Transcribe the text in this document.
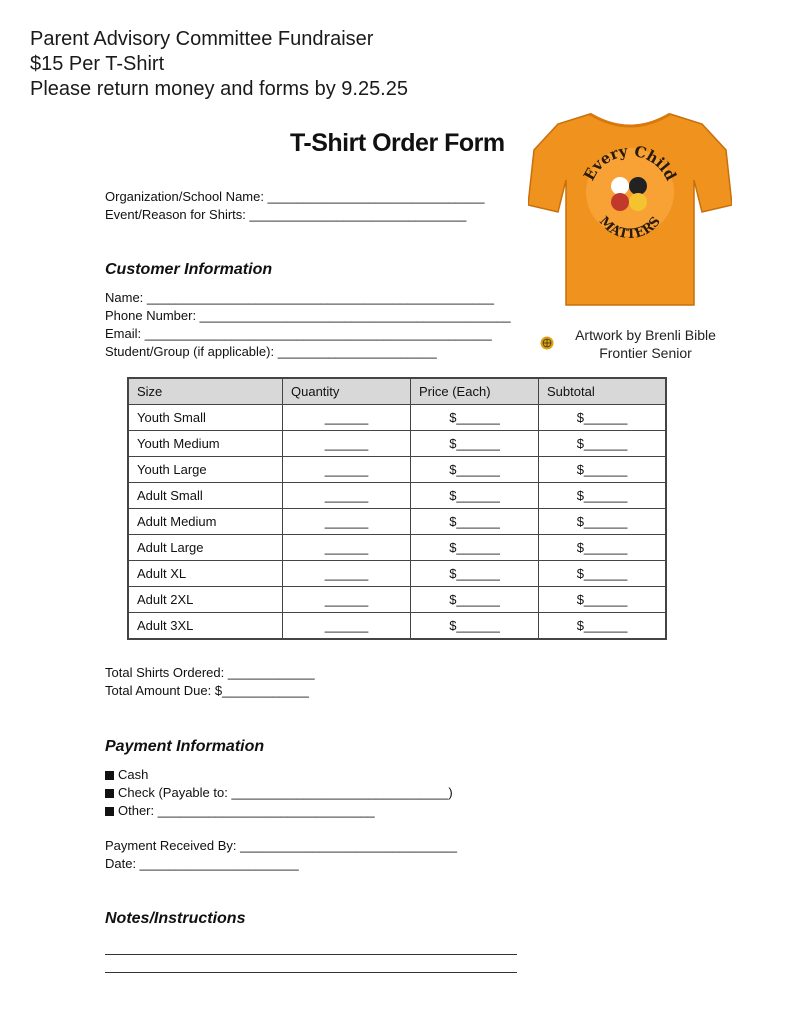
Parent Advisory Committee Fundraiser
$15 Per T-Shirt
Please return money and forms by 9.25.25
Every Child
MATTERS
Artwork by Brenli Bible
Frontier Senior
T-Shirt Order Form
Organization/School Name: ______________________________
Event/Reason for Shirts: ______________________________
Customer Information
Name: ________________________________________________
Phone Number: ___________________________________________
Email: ________________________________________________
Student/Group (if applicable): ______________________
Size	Quantity	Price (Each)	Subtotal
Youth Small	______	$______	$______
Youth Medium	______	$______	$______
Youth Large	______	$______	$______
Adult Small	______	$______	$______
Adult Medium	______	$______	$______
Adult Large	______	$______	$______
Adult XL	______	$______	$______
Adult 2XL	______	$______	$______
Adult 3XL	______	$______	$______
Total Shirts Ordered: ____________
Total Amount Due: $____________
Payment Information
Cash
Check (Payable to: ______________________________)
Other: ______________________________
Payment Received By: ______________________________
Date: ______________________
Notes/Instructions
